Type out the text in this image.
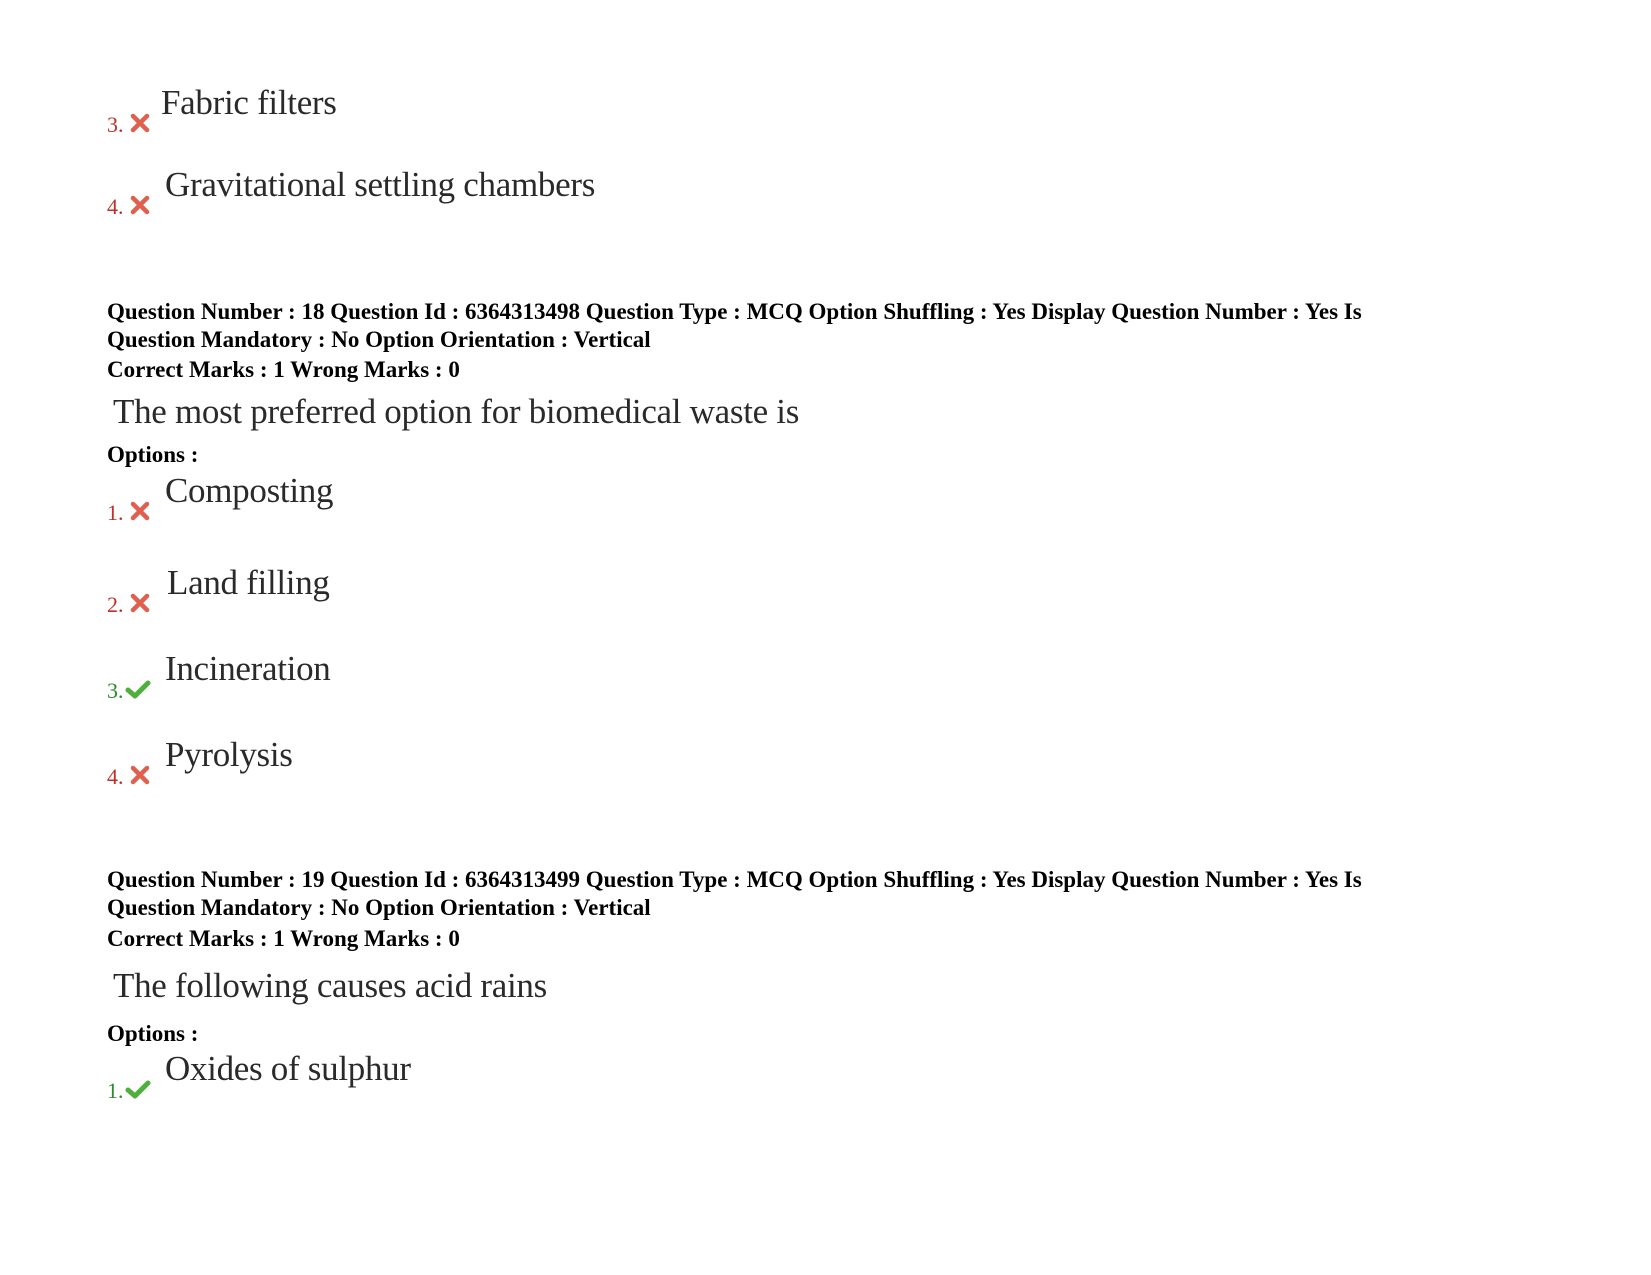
3.
Fabric filters
4.
Gravitational settling chambers
Question Number : 18 Question Id : 6364313498 Question Type : MCQ Option Shuffling : Yes Display Question Number : Yes Is
Question Mandatory : No Option Orientation : Vertical
Correct Marks : 1 Wrong Marks : 0
The most preferred option for biomedical waste is
Options :
1.
Composting
2.
Land filling
3.
Incineration
4.
Pyrolysis
Question Number : 19 Question Id : 6364313499 Question Type : MCQ Option Shuffling : Yes Display Question Number : Yes Is
Question Mandatory : No Option Orientation : Vertical
Correct Marks : 1 Wrong Marks : 0
The following causes acid rains
Options :
1.
Oxides of sulphur
